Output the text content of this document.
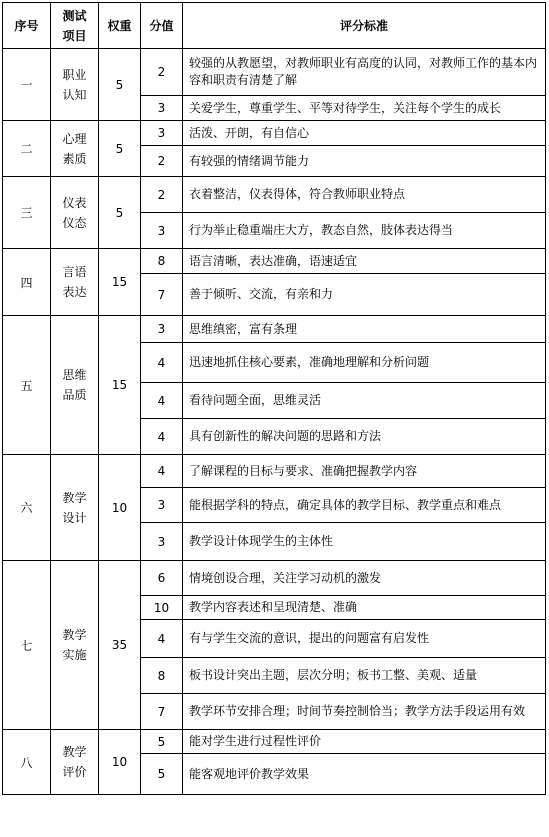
序号	测试项目	权重	分值	评分标准
一	职业认知	5	2	较强的从教愿望，对教师职业有高度的认同，对教师工作的基本内容和职责有清楚了解
			3	关爱学生，尊重学生、平等对待学生，关注每个学生的成长
二	心理素质	5	3	活泼、开朗，有自信心
			2	有较强的情绪调节能力
三	仪表仪态	5	2	衣着整洁，仪表得体，符合教师职业特点
			3	行为举止稳重端庄大方，教态自然，肢体表达得当
四	言语表达	15	8	语言清晰，表达准确，语速适宜
			7	善于倾听、交流，有亲和力
五	思维品质	15	3	思维缜密，富有条理
			4	迅速地抓住核心要素，准确地理解和分析问题
			4	看待问题全面，思维灵活
			4	具有创新性的解决问题的思路和方法
六	教学设计	10	4	了解课程的目标与要求、准确把握教学内容
			3	能根据学科的特点，确定具体的教学目标、教学重点和难点
			3	教学设计体现学生的主体性
七	教学实施	35	6	情境创设合理，关注学习动机的激发
			10	教学内容表述和呈现清楚、准确
			4	有与学生交流的意识，提出的问题富有启发性
			8	板书设计突出主题，层次分明；板书工整、美观、适量
			7	教学环节安排合理；时间节奏控制恰当；教学方法手段运用有效
八	教学评价	10	5	能对学生进行过程性评价
			5	能客观地评价教学效果
